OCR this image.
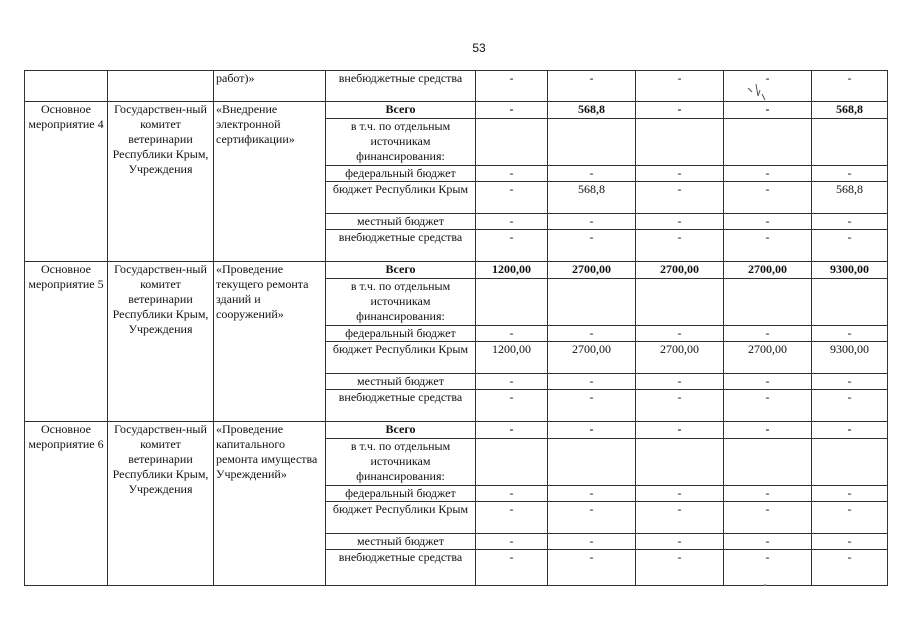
53
		работ)»	внебюджетные средства	-	-	-	-	-
Основное мероприятие 4	Государствен-ный комитет ветеринарии Республики Крым, Учреждения	«Внедрение электронной сертификации»	Всего	-	568,8	-	-	568,8
			в т.ч. по отдельным источникам финансирования:					
			федеральный бюджет	-	-	-	-	-
			бюджет Республики Крым	-	568,8	-	-	568,8
			местный бюджет	-	-	-	-	-
			внебюджетные средства	-	-	-	-	-
Основное мероприятие 5	Государствен-ный комитет ветеринарии Республики Крым, Учреждения	«Проведение текущего ремонта зданий и сооружений»	Всего	1200,00	2700,00	2700,00	2700,00	9300,00
			в т.ч. по отдельным источникам финансирования:					
			федеральный бюджет	-	-	-	-	-
			бюджет Республики Крым	1200,00	2700,00	2700,00	2700,00	9300,00
			местный бюджет	-	-	-	-	-
			внебюджетные средства	-	-	-	-	-
Основное мероприятие 6	Государствен-ный комитет ветеринарии Республики Крым, Учреждения	«Проведение капитального ремонта имущества Учреждений»	Всего	-	-	-	-	-
			в т.ч. по отдельным источникам финансирования:					
			федеральный бюджет	-	-	-	-	-
			бюджет Республики Крым	-	-	-	-	-
			местный бюджет	-	-	-	-	-
			внебюджетные средства	-	-	-	-	-
